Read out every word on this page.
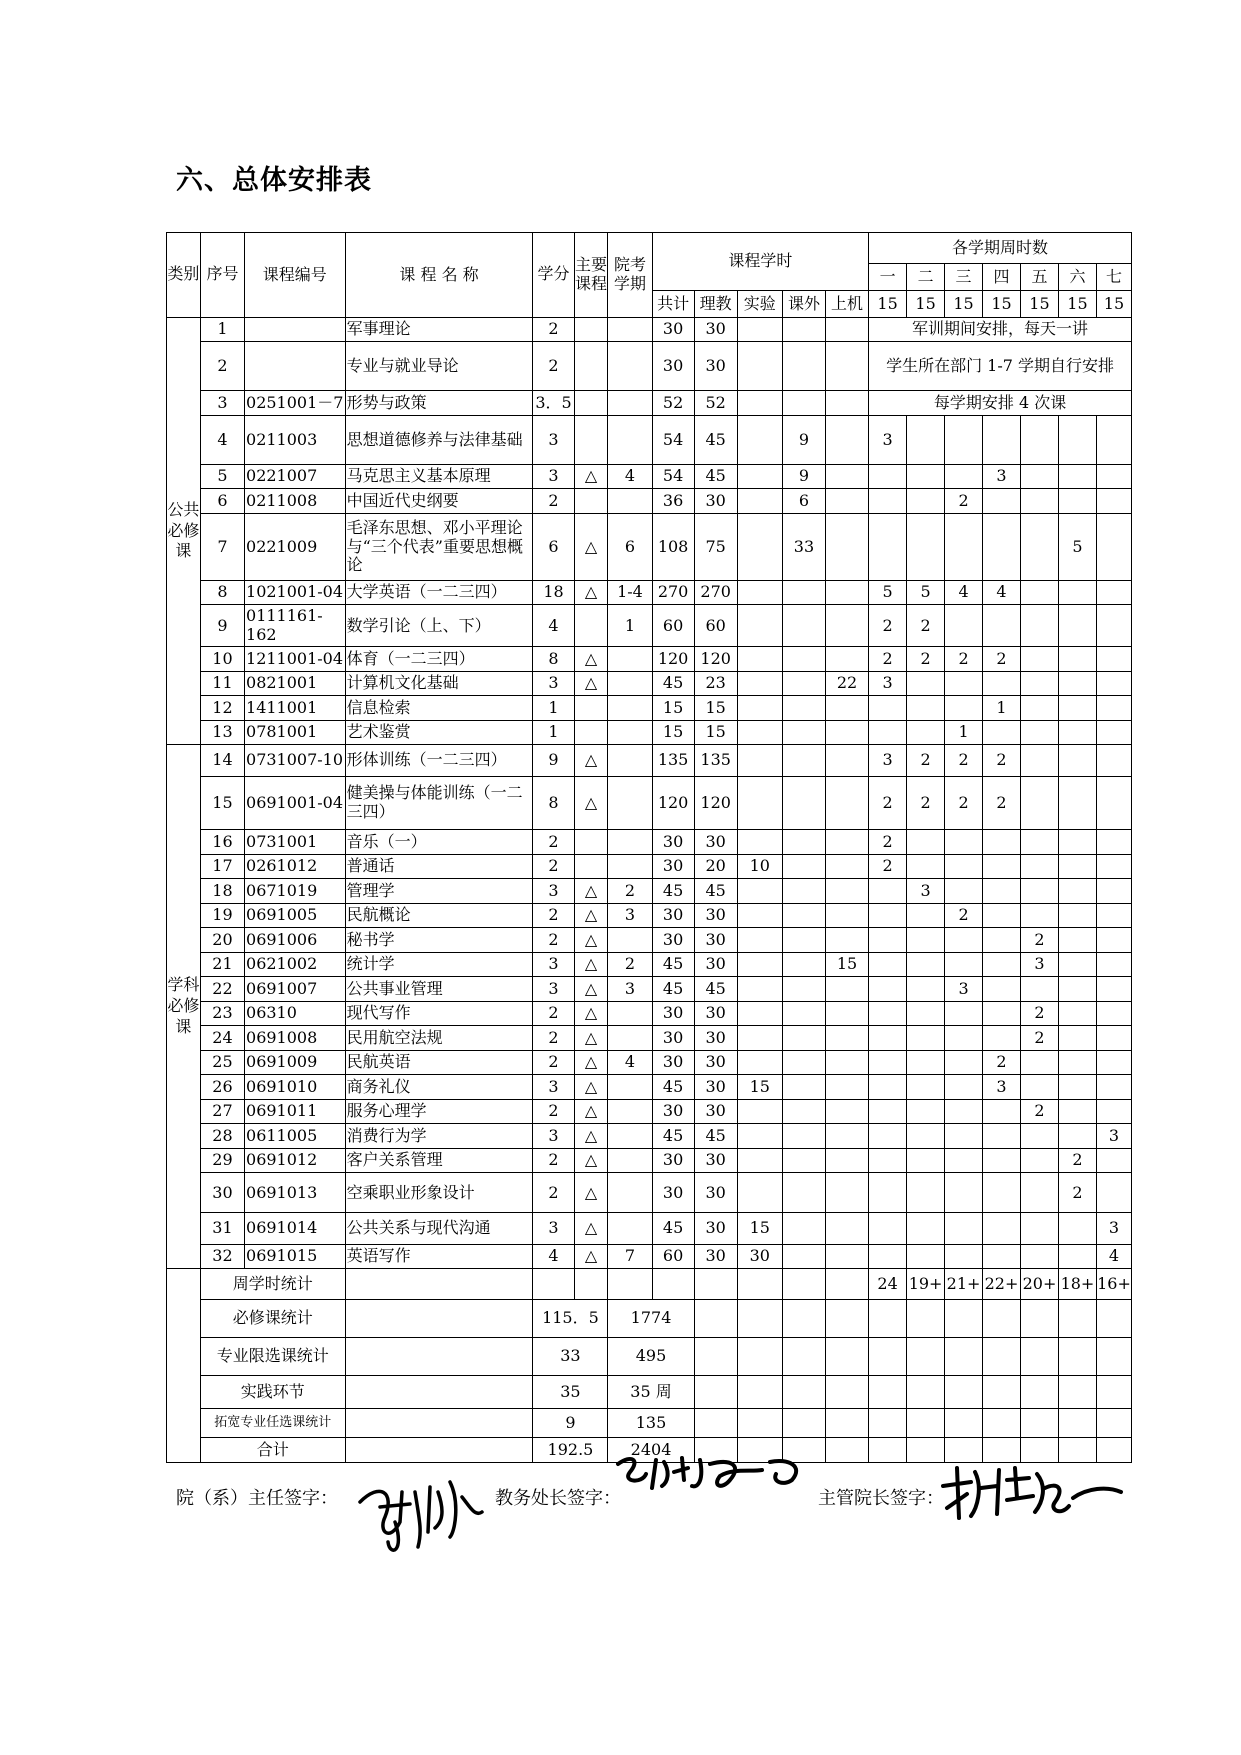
六、总体安排表
类别	序号	课程编号	课 程 名 称	学分	主要课程	院考学期	课程学时					各学期周时数						
												一	二	三	四	五	六	七
							共计	理教	实验	课外	上机	15	15	15	15	15	15	15
公共必修课	1		军事理论	2			30	30				军训期间安排，每天一讲						
	2		专业与就业导论	2			30	30				学生所在部门 1-7 学期自行安排						
	3	0251001－7	形势与政策	3．5			52	52				每学期安排 4 次课						
	4	0211003	思想道德修养与法律基础	3			54	45		9		3						
	5	0221007	马克思主义基本原理	3	△	4	54	45		9					3			
	6	0211008	中国近代史纲要	2			36	30		6				2				
	7	0221009	毛泽东思想、邓小平理论与“三个代表”重要思想概论	6	△	6	108	75		33							5	
	8	1021001-04	大学英语（一二三四）	18	△	1-4	270	270				5	5	4	4			
	9	0111161-162	数学引论（上、下）	4		1	60	60				2	2					
	10	1211001-04	体育（一二三四）	8	△		120	120				2	2	2	2			
	11	0821001	计算机文化基础	3	△		45	23			22	3						
	12	1411001	信息检索	1			15	15							1			
	13	0781001	艺术鉴赏	1			15	15						1				
学科必修课	14	0731007-10	形体训练（一二三四）	9	△		135	135				3	2	2	2			
	15	0691001-04	健美操与体能训练（一二三四）	8	△		120	120				2	2	2	2			
	16	0731001	音乐（一）	2			30	30				2						
	17	0261012	普通话	2			30	20	10			2						
	18	0671019	管理学	3	△	2	45	45					3					
	19	0691005	民航概论	2	△	3	30	30						2				
	20	0691006	秘书学	2	△		30	30								2		
	21	0621002	统计学	3	△	2	45	30			15					3		
	22	0691007	公共事业管理	3	△	3	45	45						3				
	23	06310	现代写作	2	△		30	30								2		
	24	0691008	民用航空法规	2	△		30	30								2		
	25	0691009	民航英语	2	△	4	30	30							2			
	26	0691010	商务礼仪	3	△		45	30	15						3			
	27	0691011	服务心理学	2	△		30	30								2		
	28	0611005	消费行为学	3	△		45	45										3
	29	0691012	客户关系管理	2	△		30	30									2	
	30	0691013	空乘职业形象设计	2	△		30	30									2	
	31	0691014	公共关系与现代沟通	3	△		45	30	15									3
	32	0691015	英语写作	4	△	7	60	30	30									4
	周学时统计											24	19+	21+	22+	20+	18+	16+
	必修课统计			115．5		1774												
	专业限选课统计			33		495												
	实践环节			35		35 周												
	拓宽专业任选课统计			9		135												
	合计			192.5		2404												
院（系）主任签字：	教务处长签字：	主管院长签字：
